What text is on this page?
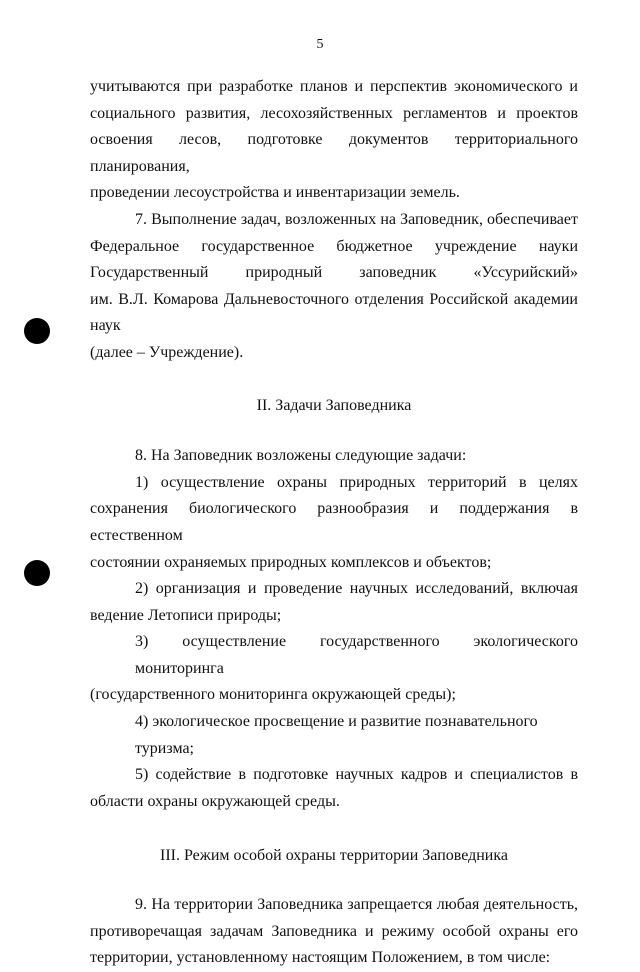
5
учитываются при разработке планов и перспектив экономического и
социального развития, лесохозяйственных регламентов и проектов
освоения лесов, подготовке документов территориального планирования,
проведении лесоустройства и инвентаризации земель.
7. Выполнение задач, возложенных на Заповедник, обеспечивает
Федеральное государственное бюджетное учреждение науки
Государственный природный заповедник «Уссурийский»
им. В.Л. Комарова Дальневосточного отделения Российской академии наук
(далее – Учреждение).
II. Задачи Заповедника
8. На Заповедник возложены следующие задачи:
1) осуществление охраны природных территорий в целях
сохранения биологического разнообразия и поддержания в естественном
состоянии охраняемых природных комплексов и объектов;
2) организация и проведение научных исследований, включая
ведение Летописи природы;
3) осуществление государственного экологического мониторинга
(государственного мониторинга окружающей среды);
4) экологическое просвещение и развитие познавательного туризма;
5) содействие в подготовке научных кадров и специалистов в
области охраны окружающей среды.
III. Режим особой охраны территории Заповедника
9. На территории Заповедника запрещается любая деятельность,
противоречащая задачам Заповедника и режиму особой охраны его
территории, установленному настоящим Положением, в том числе:
